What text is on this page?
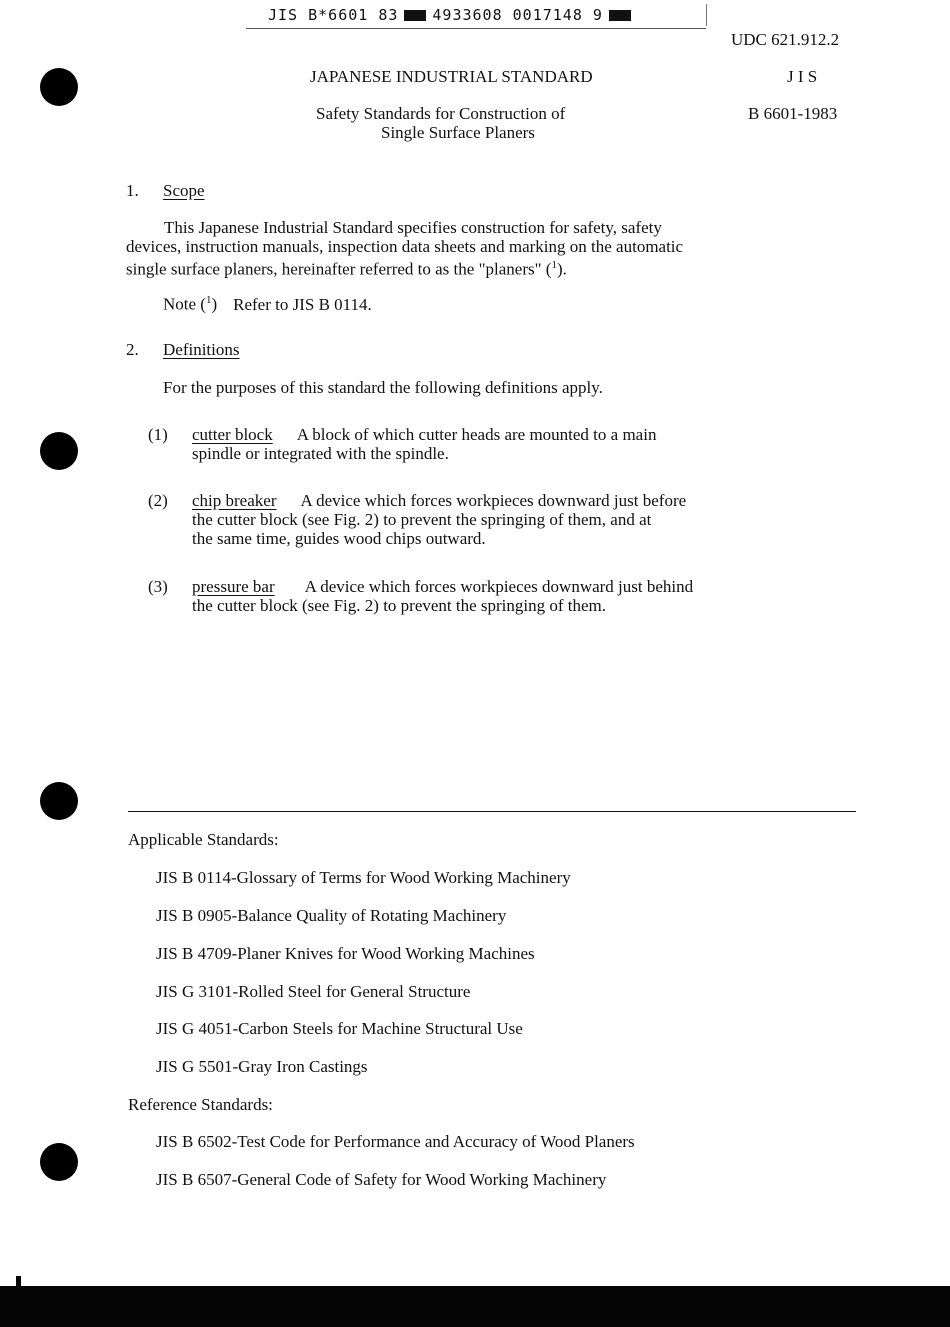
JIS B*6601 83 4933608 0017148 9
UDC 621.912.2
JAPANESE INDUSTRIAL STANDARD	J I S
Safety Standards for Construction of
Single Surface Planers
B 6601-1983
1. Scope
This Japanese Industrial Standard specifies construction for safety, safety
devices, instruction manuals, inspection data sheets and marking on the automatic
single surface planers, hereinafter referred to as the "planers" ($^1$).
Note ($^1$) Refer to JIS B 0114.
2. Definitions
For the purposes of this standard the following definitions apply.
(1) cutter block A block of which cutter heads are mounted to a main
spindle or integrated with the spindle.
(2) chip breaker A device which forces workpieces downward just before
the cutter block (see Fig. 2) to prevent the springing of them, and at
the same time, guides wood chips outward.
(3) pressure bar A device which forces workpieces downward just behind
the cutter block (see Fig. 2) to prevent the springing of them.
Applicable Standards:
JIS B 0114-Glossary of Terms for Wood Working Machinery
JIS B 0905-Balance Quality of Rotating Machinery
JIS B 4709-Planer Knives for Wood Working Machines
JIS G 3101-Rolled Steel for General Structure
JIS G 4051-Carbon Steels for Machine Structural Use
JIS G 5501-Gray Iron Castings
Reference Standards:
JIS B 6502-Test Code for Performance and Accuracy of Wood Planers
JIS B 6507-General Code of Safety for Wood Working Machinery
